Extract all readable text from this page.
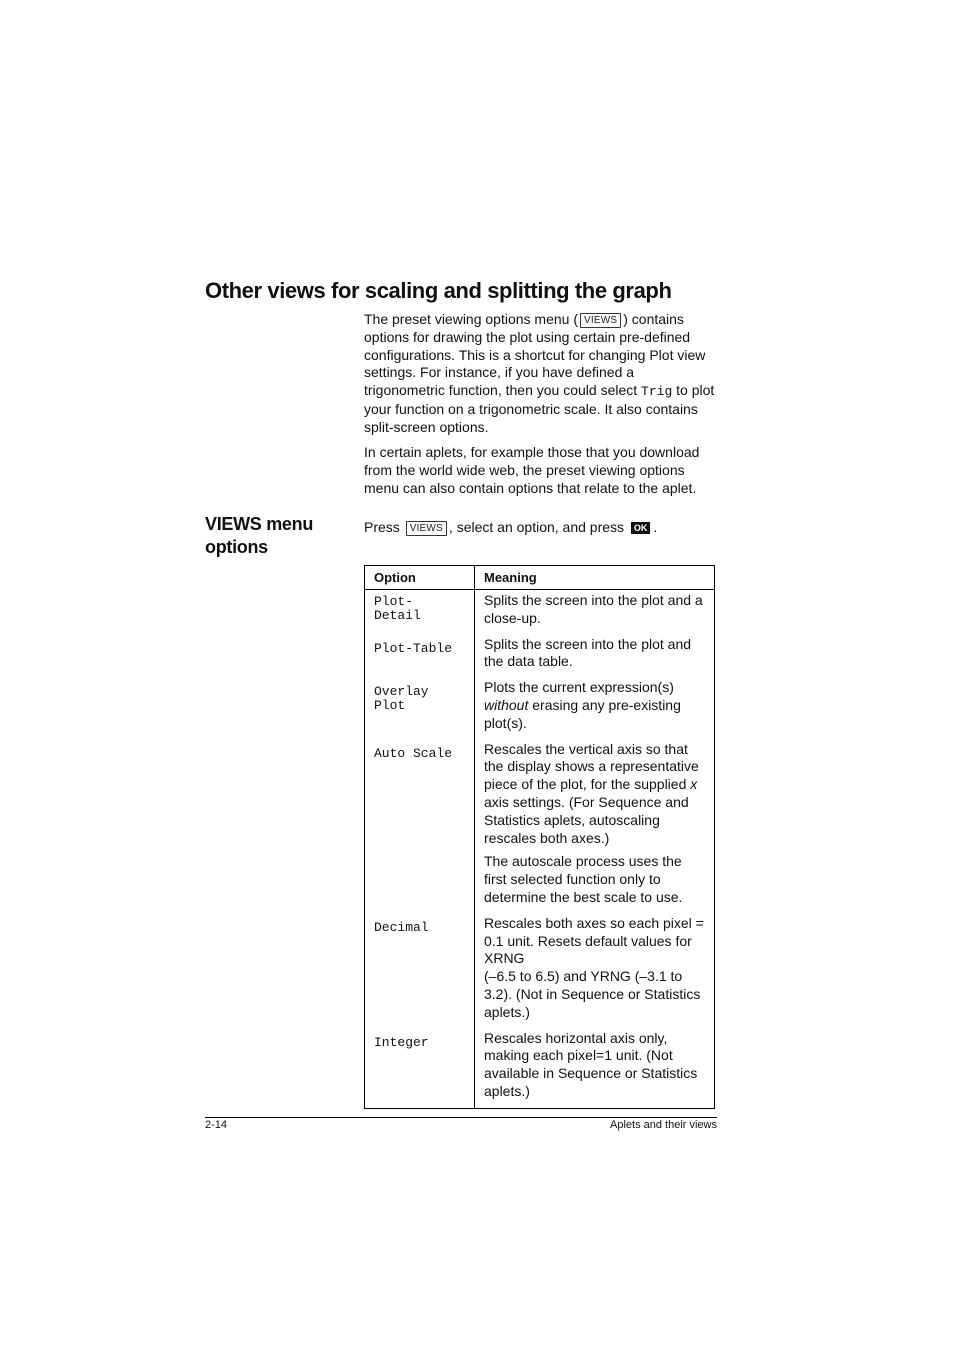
Other views for scaling and splitting the graph

The preset viewing options menu ( VIEWS ) contains options for drawing the plot using certain pre-defined configurations. This is a shortcut for changing Plot view settings. For instance, if you have defined a trigonometric function, then you could select Trig to plot your function on a trigonometric scale. It also contains split-screen options.

In certain aplets, for example those that you download from the world wide web, the preset viewing options menu can also contain options that relate to the aplet.

VIEWS menu options

Press VIEWS , select an option, and press OK .

Option	Meaning
Plot-
Detail	Splits the screen into the plot and a close-up.

Plot-Table	Splits the screen into the plot and the data table.

Overlay
Plot	Plots the current expression(s) without erasing any pre-existing plot(s).

Auto Scale	Rescales the vertical axis so that the display shows a representative piece of the plot, for the supplied x axis settings. (For Sequence and Statistics aplets, autoscaling rescales both axes.)

The autoscale process uses the first selected function only to determine the best scale to use.

Decimal	Rescales both axes so each pixel = 0.1 unit. Resets default values for XRNG
(–6.5 to 6.5) and YRNG (–3.1 to 3.2). (Not in Sequence or Statistics aplets.)

Integer	Rescales horizontal axis only, making each pixel=1 unit. (Not available in Sequence or Statistics aplets.)

2-14	Aplets and their views
